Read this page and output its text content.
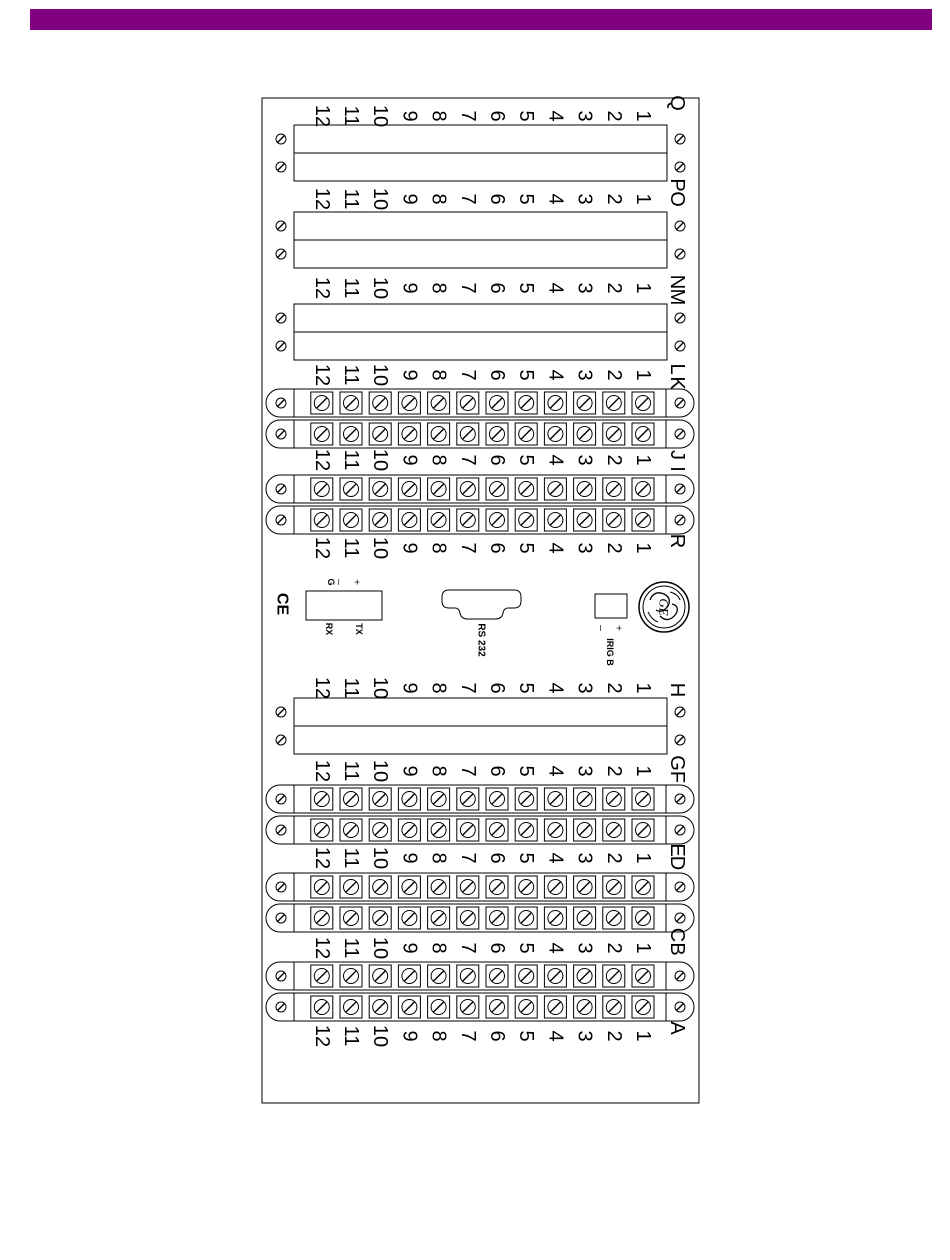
1
2
3
4
5
6
7
8
9
10
11
12
1
2
3
4
5
6
7
8
9
10
11
12
1
2
3
4
5
6
7
8
9
10
11
12
1
2
3
4
5
6
7
8
9
10
11
12
1
2
3
4
5
6
7
8
9
10
11
12
1
2
3
4
5
6
7
8
9
10
11
12
1
2
3
4
5
6
7
8
9
10
11
12
1
2
3
4
5
6
7
8
9
10
11
12
1
2
3
4
5
6
7
8
9
10
11
12
1
2
3
4
5
6
7
8
9
10
11
12
1
2
3
4
5
6
7
8
9
10
11
12
Q
P
O
N
M
L
K
J
I
R
H
G
F
E
D
C
B
A
CE
+
_
G
RX TX	RS 232	+
_
IRIG B
GE
